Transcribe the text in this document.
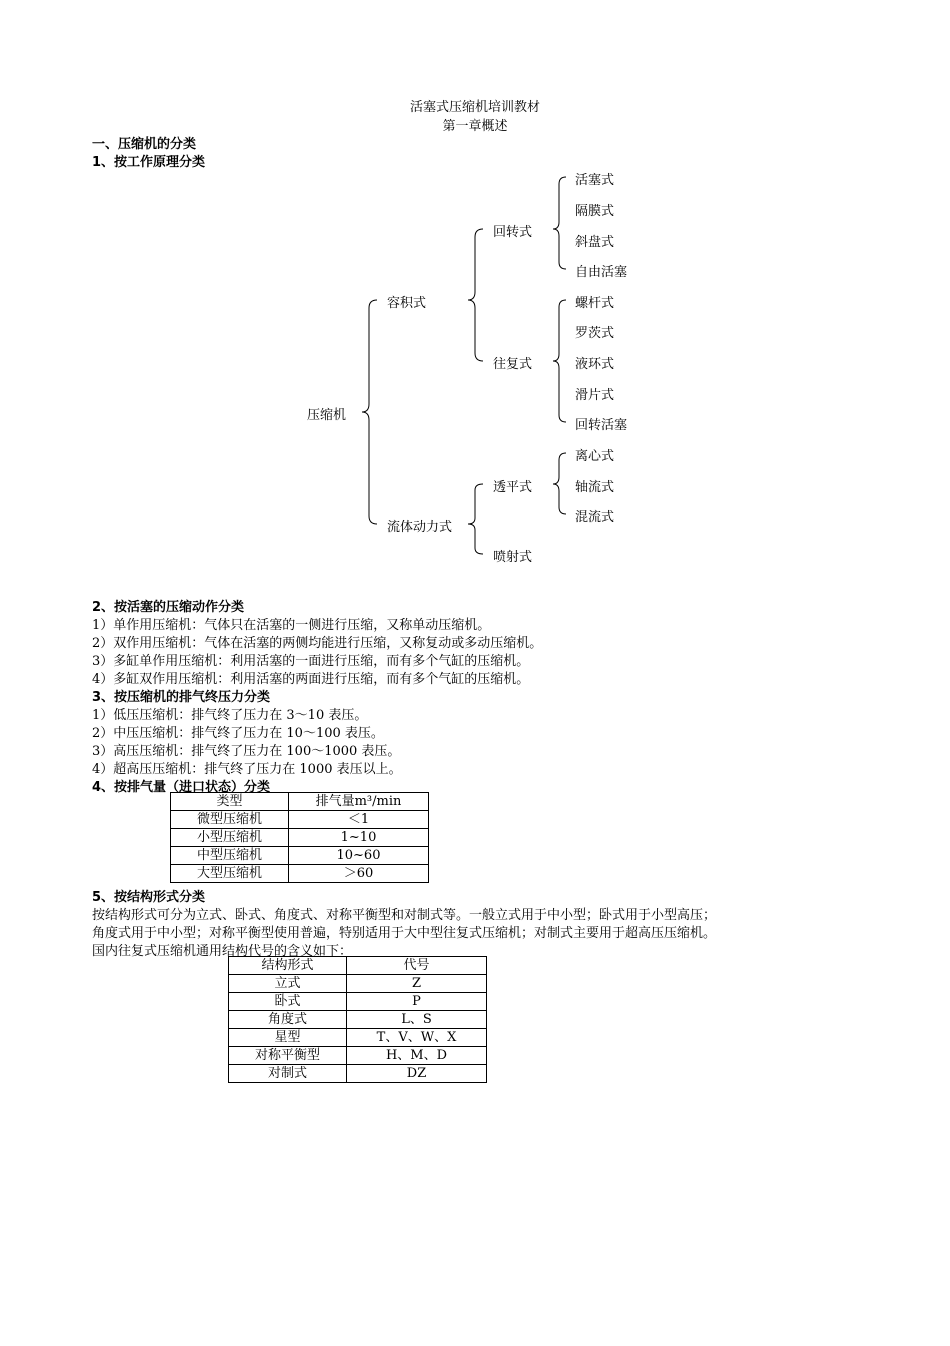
活塞式压缩机培训教材
第一章概述
一、压缩机的分类
1、按工作原理分类
压缩机
容积式
流体动力式
回转式
往复式
透平式
喷射式
活塞式
隔膜式
斜盘式
自由活塞
螺杆式
罗茨式
液环式
滑片式
回转活塞
离心式
轴流式
混流式
2、按活塞的压缩动作分类
1）单作用压缩机：气体只在活塞的一侧进行压缩，又称单动压缩机。
2）双作用压缩机：气体在活塞的两侧均能进行压缩，又称复动或多动压缩机。
3）多缸单作用压缩机：利用活塞的一面进行压缩，而有多个气缸的压缩机。
4）多缸双作用压缩机：利用活塞的两面进行压缩，而有多个气缸的压缩机。
3、按压缩机的排气终压力分类
1）低压压缩机：排气终了压力在 3～10 表压。
2）中压压缩机：排气终了压力在 10～100 表压。
3）高压压缩机：排气终了压力在 100～1000 表压。
4）超高压压缩机：排气终了压力在 1000 表压以上。
4、按排气量（进口状态）分类
类型	排气量m³/min
微型压缩机	＜1
小型压缩机	1~10
中型压缩机	10~60
大型压缩机	＞60
5、按结构形式分类
按结构形式可分为立式、卧式、角度式、对称平衡型和对制式等。一般立式用于中小型；卧式用于小型高压；
角度式用于中小型；对称平衡型使用普遍，特别适用于大中型往复式压缩机；对制式主要用于超高压压缩机。
国内往复式压缩机通用结构代号的含义如下：
结构形式	代号
立式	Z
卧式	P
角度式	L、S
星型	T、V、W、X
对称平衡型	H、M、D
对制式	DZ
